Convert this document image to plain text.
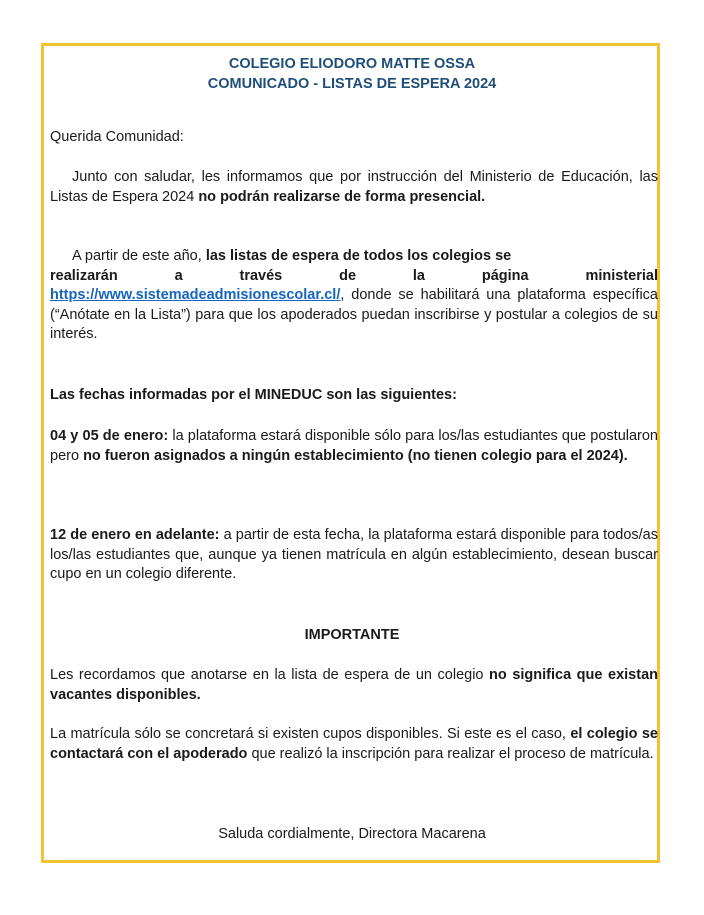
COLEGIO ELIODORO MATTE OSSA
COMUNICADO - LISTAS DE ESPERA 2024

Querida Comunidad:

Junto con saludar, les informamos que por instrucción del Ministerio de Educación, las Listas de Espera 2024 no podrán realizarse de forma presencial.

A partir de este año, las listas de espera de todos los colegios se

realizarán a través de la página ministerial

https://www.sistemadeadmisionescolar.cl/, donde se habilitará una plataforma específica (“Anótate en la Lista”) para que los apoderados puedan inscribirse y postular a colegios de su interés.

Las fechas informadas por el MINEDUC son las siguientes:

04 y 05 de enero: la plataforma estará disponible sólo para los/las estudiantes que postularon pero no fueron asignados a ningún establecimiento (no tienen colegio para el 2024).

12 de enero en adelante: a partir de esta fecha, la plataforma estará disponible para todos/as los/las estudiantes que, aunque ya tienen matrícula en algún establecimiento, desean buscar cupo en un colegio diferente.

IMPORTANTE

Les recordamos que anotarse en la lista de espera de un colegio no significa que existan vacantes disponibles.

La matrícula sólo se concretará si existen cupos disponibles. Si este es el caso, el colegio se contactará con el apoderado que realizó la inscripción para realizar el proceso de matrícula.

Saluda cordialmente, Directora Macarena
